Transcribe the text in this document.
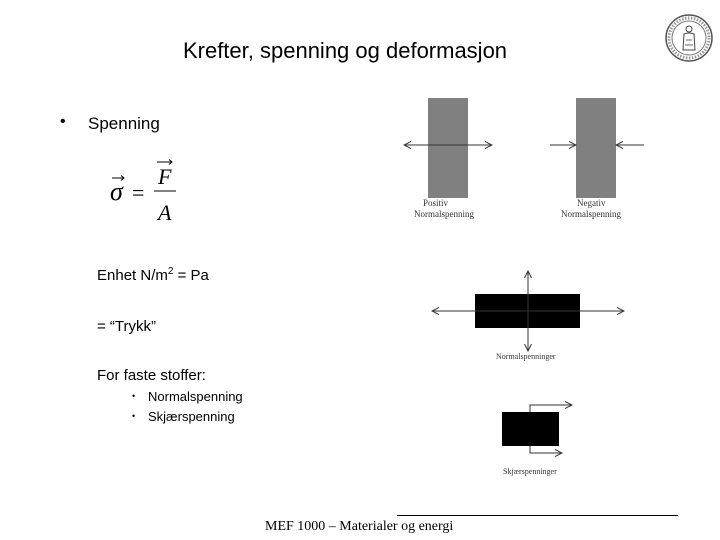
Krefter, spenning og deformasjon
• Spenning
σ =
F
A
Enhet $N/m^2 = Pa$
= “Trykk”
For faste stoffer:
• Normalspenning
• Skjærspenning
Positiv
Normalspenning
Negativ
Normalspenning
Normalspenninger
Skjærspenninger
MEF 1000 – Materialer og energi
